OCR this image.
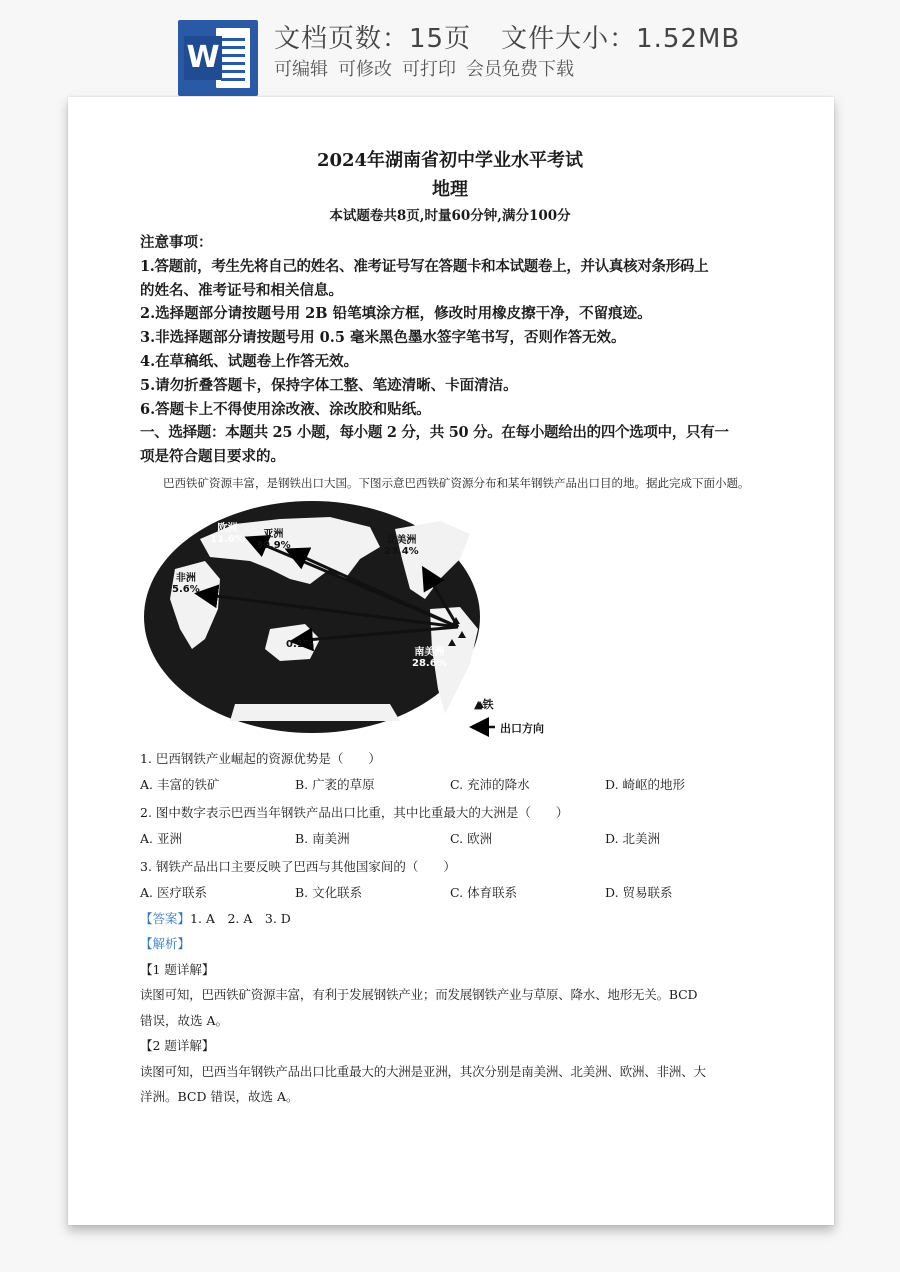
W
文档页数：15页 文件大小：1.52MB
可编辑 可修改 可打印 会员免费下载
2024年湖南省初中学业水平考试
地理
本试题卷共8页,时量60分钟,满分100分

注意事项：

1.答题前，考生先将自己的姓名、准考证号写在答题卡和本试题卷上，并认真核对条形码上

的姓名、准考证号和相关信息。

2.选择题部分请按题号用 2B 铅笔填涂方框，修改时用橡皮擦干净，不留痕迹。

3.非选择题部分请按题号用 0.5 毫米黑色墨水签字笔书写，否则作答无效。

4.在草稿纸、试题卷上作答无效。

5.请勿折叠答题卡，保持字体工整、笔迹清晰、卡面清洁。

6.答题卡上不得使用涂改液、涂改胶和贴纸。

一、选择题：本题共 25 小题，每小题 2 分，共 50 分。在每小题给出的四个选项中，只有一

项是符合题目要求的。

巴西铁矿资源丰富，是钢铁出口大国。下图示意巴西铁矿资源分布和某年钢铁产品出口目的地。据此完成下面小题。
欧洲
11.6%	亚洲
30.9%	北美洲
23.4%
非洲
5.6%
0.1%
南美洲
28.6%
▲铁
出口方向
1. 巴西钢铁产业崛起的资源优势是（　　）
A. 丰富的铁矿	B. 广袤的草原	C. 充沛的降水	D. 崎岖的地形
2. 图中数字表示巴西当年钢铁产品出口比重，其中比重最大的大洲是（　　）
A. 亚洲	B. 南美洲	C. 欧洲	D. 北美洲
3. 钢铁产品出口主要反映了巴西与其他国家间的（　　）
A. 医疗联系	B. 文化联系	C. 体育联系	D. 贸易联系
【答案】1. A　2. A　3. D
【解析】
【1 题详解】
读图可知，巴西铁矿资源丰富，有利于发展钢铁产业；而发展钢铁产业与草原、降水、地形无关。BCD
错误，故选 A。
【2 题详解】
读图可知，巴西当年钢铁产品出口比重最大的大洲是亚洲，其次分别是南美洲、北美洲、欧洲、非洲、大
洋洲。BCD 错误，故选 A。
